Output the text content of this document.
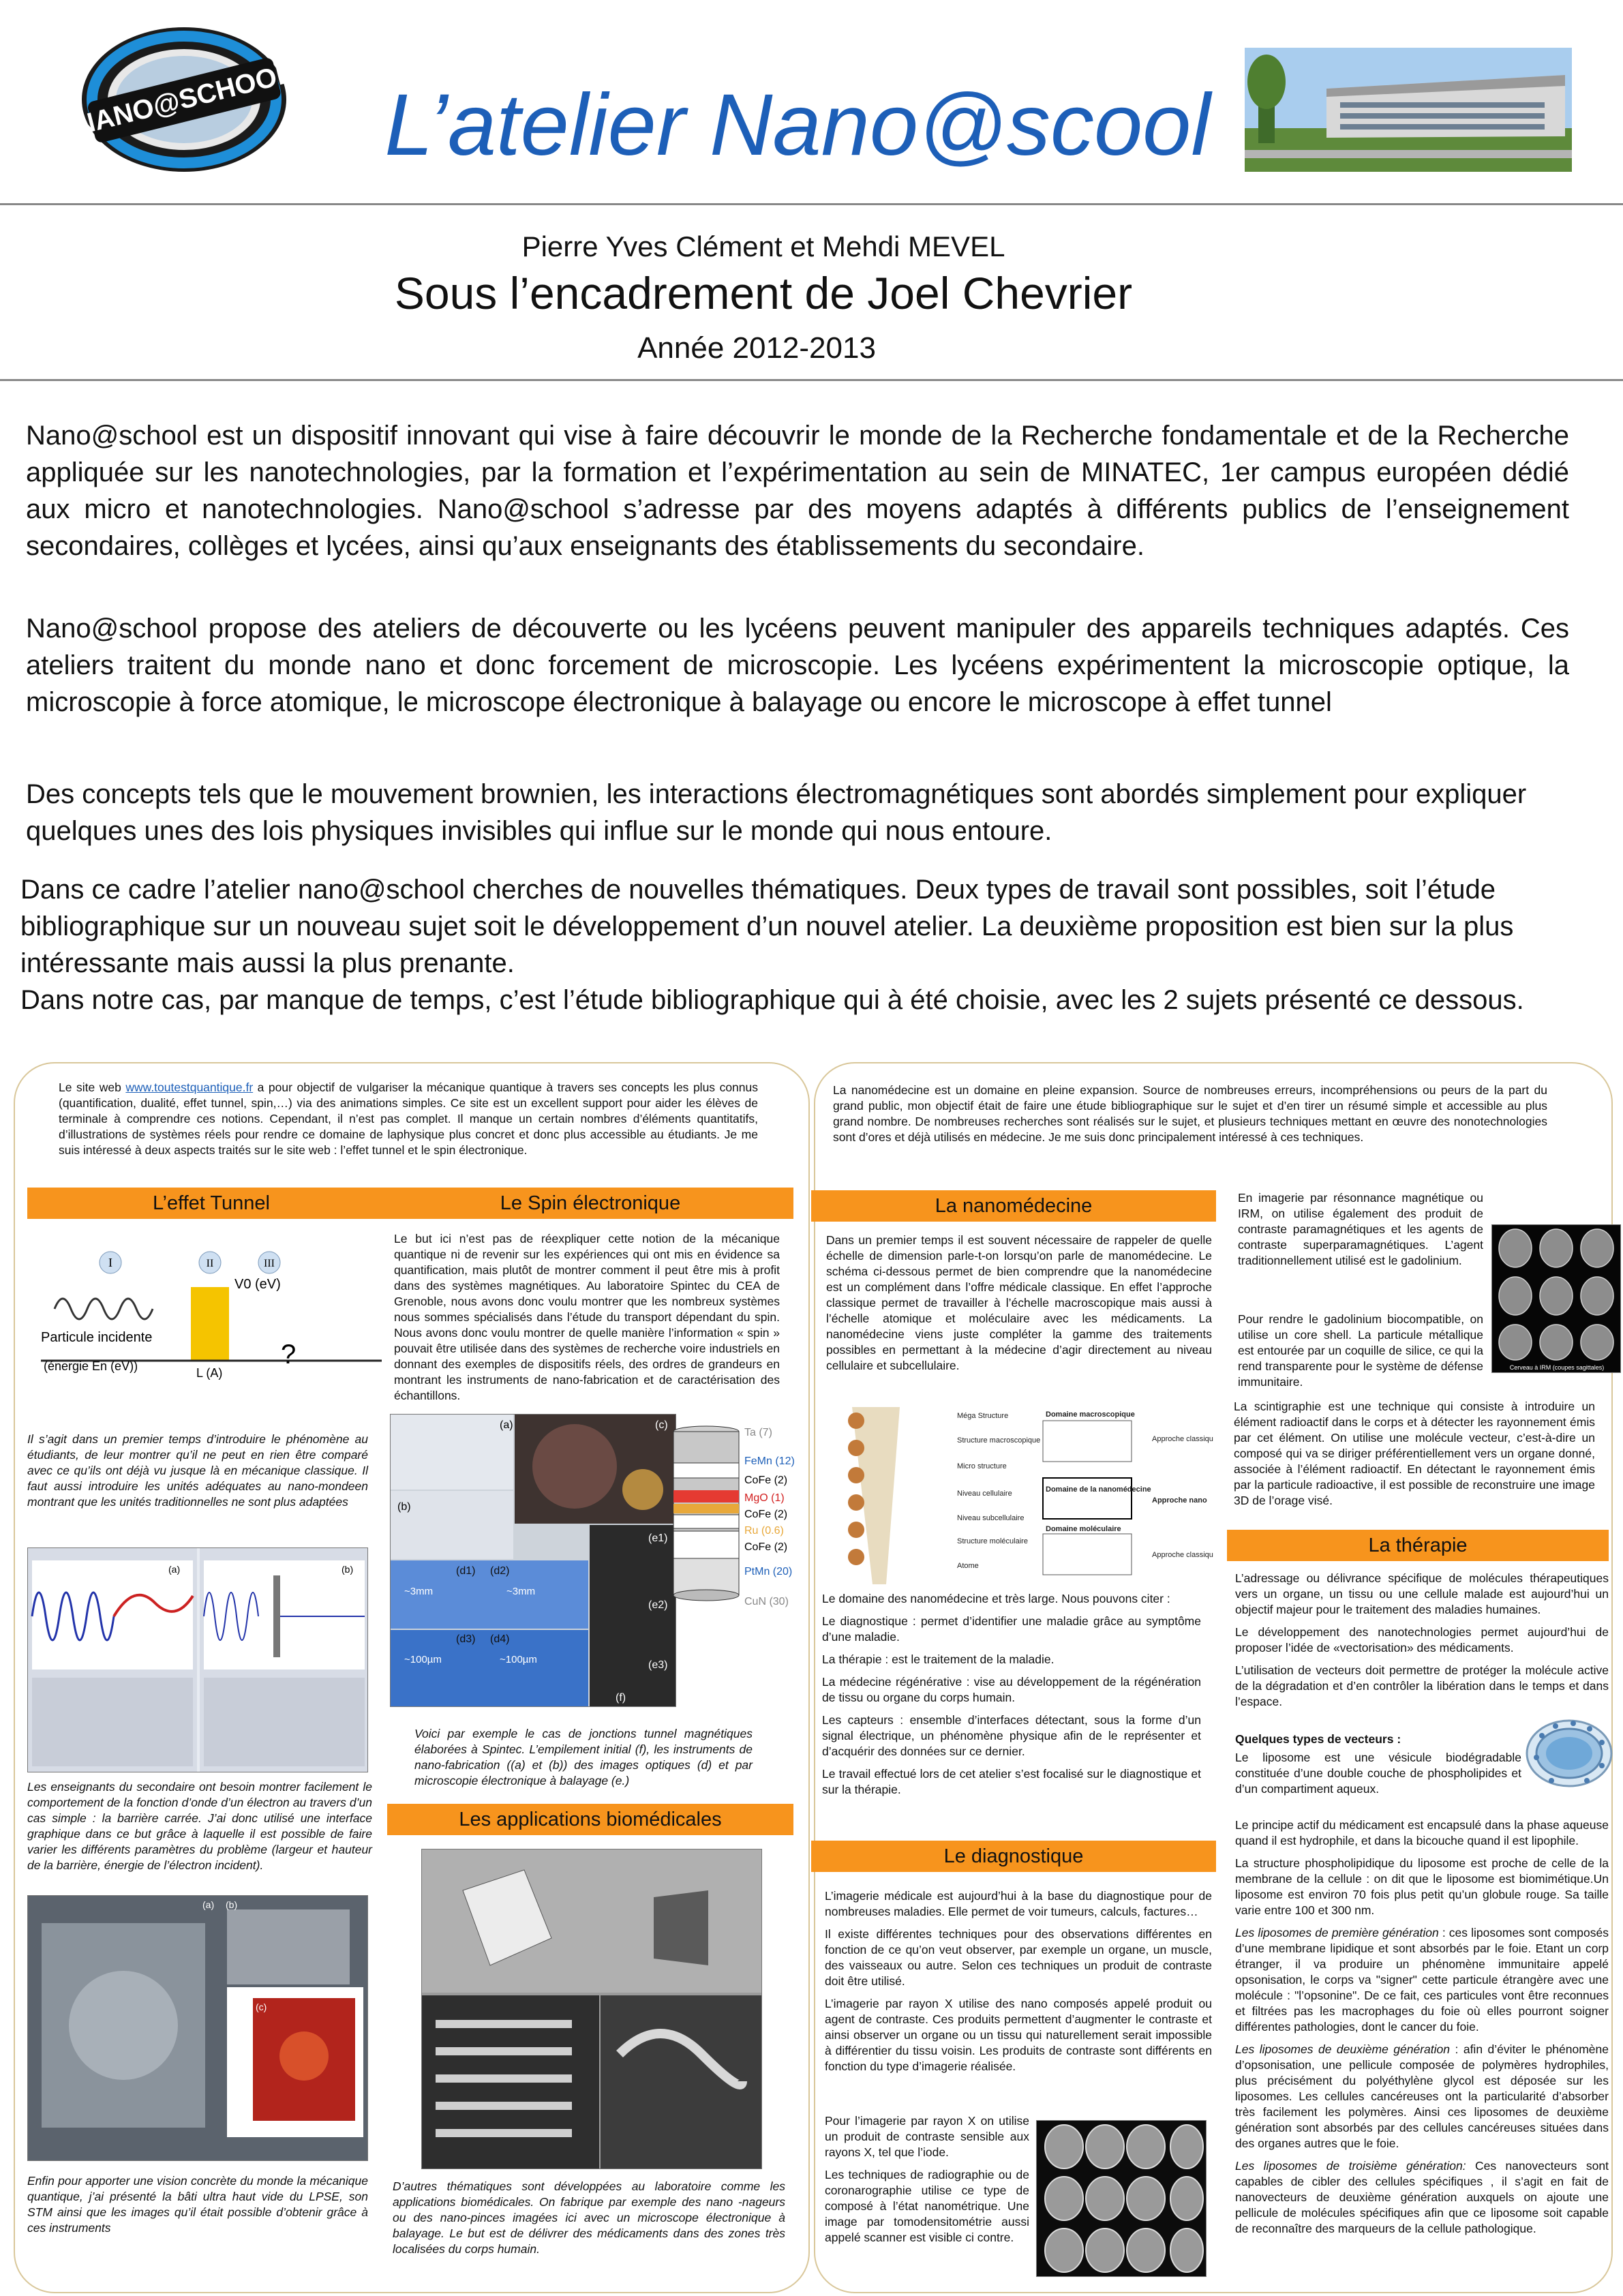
NANO@SCHOOL	L’atelier Nano@scool
Pierre Yves Clément et Mehdi MEVEL
Sous l’encadrement de Joel Chevrier
Année 2012-2013
Nano@school est un dispositif innovant qui vise à faire découvrir le monde de la Recherche fondamentale et de la Recherche appliquée sur les nanotechnologies, par la formation et l’expérimentation au sein de MINATEC, 1er campus européen dédié aux micro et nanotechnologies. Nano@school s’adresse par des moyens adaptés à différents publics de l’enseignement secondaires, collèges et lycées, ainsi qu’aux enseignants des établissements du secondaire.
Nano@school propose des ateliers de découverte ou les lycéens peuvent manipuler des appareils techniques adaptés. Ces ateliers traitent du monde nano et donc forcement de microscopie. Les lycéens expérimentent la microscopie optique, la microscopie à force atomique, le microscope électronique à balayage ou encore le microscope à effet tunnel
Des concepts tels que le mouvement brownien, les interactions électromagnétiques sont abordés simplement pour expliquer quelques unes des lois physiques invisibles qui influe sur le monde qui nous entoure.
Dans ce cadre l’atelier nano@school cherches de nouvelles thématiques. Deux types de travail sont possibles, soit l’étude bibliographique sur un nouveau sujet soit le développement d’un nouvel atelier. La deuxième proposition est bien sur la plus intéressante mais aussi la plus prenante.
Dans notre cas, par manque de temps, c’est l’étude bibliographique qui à été choisie, avec les 2 sujets présenté ce dessous.
Le site web www.toutestquantique.fr a pour objectif de vulgariser la mécanique quantique à travers ses concepts les plus connus (quantification, dualité, effet tunnel, spin,…) via des animations simples. Ce site est un excellent support pour aider les élèves de terminale à comprendre ces notions. Cependant, il n’est pas complet. Il manque un certain nombres d’éléments quantitatifs, d’illustrations de systèmes réels pour rendre ce domaine de laphysique plus concret et donc plus accessible au étudiants. Je me suis intéressé à deux aspects traités sur le site web : l’effet tunnel et le spin électronique.
L’effet Tunnel
I	II	III
V0 (eV)
Particule incidente
(énergie En (eV))	L (A)
?
Il s’agit dans un premier temps d’introduire le phénomène au étudiants, de leur montrer qu’il ne peut en rien être comparé avec ce qu’ils ont déjà vu jusque là en mécanique classique. Il faut aussi introduire les unités adéquates au nano-mondeen montrant que les unités traditionnelles ne sont plus adaptées
(a)	(b)
Les enseignants du secondaire ont besoin montrer facilement le comportement de la fonction d’onde d’un électron au travers d’un cas simple : la barrière carrée. J’ai donc utilisé une interface graphique dans ce but grâce à laquelle il est possible de faire varier les différents paramètres du problème (largeur et hauteur de la barrière, énergie de l’électron incident).
(a) (b)
(c)
Enfin pour apporter une vision concrète du monde la mécanique quantique, j’ai présenté la bâti ultra haut vide du LPSE, son STM ainsi que les images qu’il était possible d’obtenir grâce à ces instruments
Le Spin électronique
Le but ici n’est pas de réexpliquer cette notion de la mécanique quantique ni de revenir sur les expériences qui ont mis en évidence sa quantification, mais plutôt de montrer comment il peut être mis à profit dans des systèmes magnétiques. Au laboratoire Spintec du CEA de Grenoble, nous avons donc voulu montrer que les nombreux systèmes nous sommes spécialisés dans l’étude du transport dépendant du spin. Nous avons donc voulu montrer de quelle manière l’information « spin » pouvait être utilisée dans des systèmes de recherche voire industriels en donnant des exemples de dispositifs réels, des ordres de grandeurs en montrant les instruments de nano-fabrication et de caractérisation des échantillons.
(a)
(b)
(c)
(d1) (d2)
(d3) (d4)
(e1)
(e2)
(e3)
(f)
~3mm	~3mm
~100µm	~100µm
Ta (7)
FeMn (12)
CoFe (2)
MgO (1)
CoFe (2)
Ru (0.6)
CoFe (2)
PtMn (20)
CuN (30)
Voici par exemple le cas de jonctions tunnel magnétiques élaborées à Spintec. L’empilement initial (f), les instruments de nano-fabrication ((a) et (b)) des images optiques (d) et par microscopie électronique à balayage (e.)
Les applications biomédicales
D’autres thématiques sont développées au laboratoire comme les applications biomédicales. On fabrique par exemple des nano -nageurs ou des nano-pinces imagées ici avec un microscope électronique à balayage. Le but est de délivrer des médicaments dans des zones très localisées du corps humain.
La nanomédecine est un domaine en pleine expansion. Source de nombreuses erreurs, incompréhensions ou peurs de la part du grand public, mon objectif était de faire une étude bibliographique sur le sujet et d’en tirer un résumé simple et accessible au plus grand nombre. De nombreuses recherches sont réalisés sur le sujet, et plusieurs techniques mettant en œuvre des nonotechnologies sont d’ores et déjà utilisés en médecine. Je me suis donc principalement intéressé à ces techniques.
La nanomédecine
Dans un premier temps il est souvent nécessaire de rappeler de quelle échelle de dimension parle-t-on lorsqu’on parle de manomédecine. Le schéma ci-dessous permet de bien comprendre que la nanomédecine est un complément dans l’offre médicale classique. En effet l’approche classique permet de travailler à l’échelle macroscopique mais aussi à l’échelle atomique et moléculaire avec les médicaments. La nanomédecine viens juste compléter la gamme des traitements possibles en permettant à la médecine d’agir directement au niveau cellulaire et subcellulaire.
Méga Structure
Structure macroscopique
Micro structure
Niveau cellulaire
Niveau subcellulaire
Structure moléculaire
Atome
Domaine macroscopique
Domaine de la nanomédecine
Domaine moléculaire
Approche classique
Approche nano
Approche classique

Le domaine des nanomédecine et très large. Nous pouvons citer :

Le diagnostique : permet d’identifier une maladie grâce au symptôme d’une maladie.

La thérapie : est le traitement de la maladie.

La médecine régénérative : vise au développement de la régénération de tissu ou organe du corps humain.

Les capteurs : ensemble d’interfaces détectant, sous la forme d’un signal électrique, un phénomène physique afin de le représenter et d’acquérir des données sur ce dernier.

Le travail effectué lors de cet atelier s’est focalisé sur le diagnostique et sur la thérapie.

Le diagnostique

L’imagerie médicale est aujourd’hui à la base du diagnostique pour de nombreuses maladies. Elle permet de voir tumeurs, calculs, factures…

Il existe différentes techniques pour des observations différentes en fonction de ce qu’on veut observer, par exemple un organe, un muscle, des vaisseaux ou autre. Selon ces techniques un produit de contraste doit être utilisé.

L’imagerie par rayon X utilise des nano composés appelé produit ou agent de contraste. Ces produits permettent d’augmenter le contraste et ainsi observer un organe ou un tissu qui naturellement serait impossible à différentier du tissu voisin. Les produits de contraste sont différents en fonction du type d’imagerie réalisée.

Pour l’imagerie par rayon X on utilise un produit de contraste sensible aux rayons X, tel que l’iode.

Les techniques de radiographie ou de coronarographie utilise ce type de composé à l’état nanométrique. Une image par tomodensitométrie aussi appelé scanner est visible ci contre.

En imagerie par résonnance magnétique ou IRM, on utilise également des produit de contraste paramagnétiques et les agents de contraste superparamagnétiques. L’agent traditionnellement utilisé est le gadolinium.
Pour rendre le gadolinium biocompatible, on utilise un core shell. La particule métallique est entourée par un coquille de silice, ce qui la rend transparente pour le système de défense immunitaire.
Cerveau à IRM (coupes sagittales)
La scintigraphie est une technique qui consiste à introduire un élément radioactif dans le corps et à détecter les rayonnement émis par cet élément. On utilise une molécule vecteur, c’est-à-dire un composé qui va se diriger préférentiellement vers un organe donné, associée à l’élément radioactif. En détectant le rayonnement émis par la particule radioactive, il est possible de reconstruire une image 3D de l’orage visé.
La thérapie

L’adressage ou délivrance spécifique de molécules thérapeutiques vers un organe, un tissu ou une cellule malade est aujourd’hui un objectif majeur pour le traitement des maladies humaines.

Le développement des nanotechnologies permet aujourd’hui de proposer l’idée de «vectorisation» des médicaments.

L’utilisation de vecteurs doit permettre de protéger la molécule active de la dégradation et d’en contrôler la libération dans le temps et dans l’espace.

Quelques types de vecteurs :

Le liposome est une vésicule biodégradable constituée d’une double couche de phospholipides et d’un compartiment aqueux.

Le principe actif du médicament est encapsulé dans la phase aqueuse quand il est hydrophile, et dans la bicouche quand il est lipophile.

La structure phospholipidique du liposome est proche de celle de la membrane de la cellule : on dit que le liposome est biomimétique.Un liposome est environ 70 fois plus petit qu’un globule rouge. Sa taille varie entre 100 et 300 nm.

Les liposomes de première génération : ces liposomes sont composés d’une membrane lipidique et sont absorbés par le foie. Etant un corp étranger, il va produire un phénomène immunitaire appelé opsonisation, le corps va "signer" cette particule étrangère avec une molécule : "l’opsonine". De ce fait, ces particules vont être reconnues et filtrées pas les macrophages du foie où elles pourront soigner différentes pathologies, dont le cancer du foie.

Les liposomes de deuxième génération : afin d’éviter le phénomène d’opsonisation, une pellicule composée de polymères hydrophiles, plus précisément du polyéthylène glycol est déposée sur les liposomes. Les cellules cancéreuses ont la particularité d’absorber très facilement les polymères. Ainsi ces liposomes de deuxième génération sont absorbés par des cellules cancéreuses situées dans des organes autres que le foie.

Les liposomes de troisième génération: Ces nanovecteurs sont capables de cibler des cellules spécifiques , il s’agit en fait de nanovecteurs de deuxième génération auxquels on ajoute une pellicule de molécules spécifiques afin que ce liposome soit capable de reconnaître des marqueurs de la cellule pathologique.
